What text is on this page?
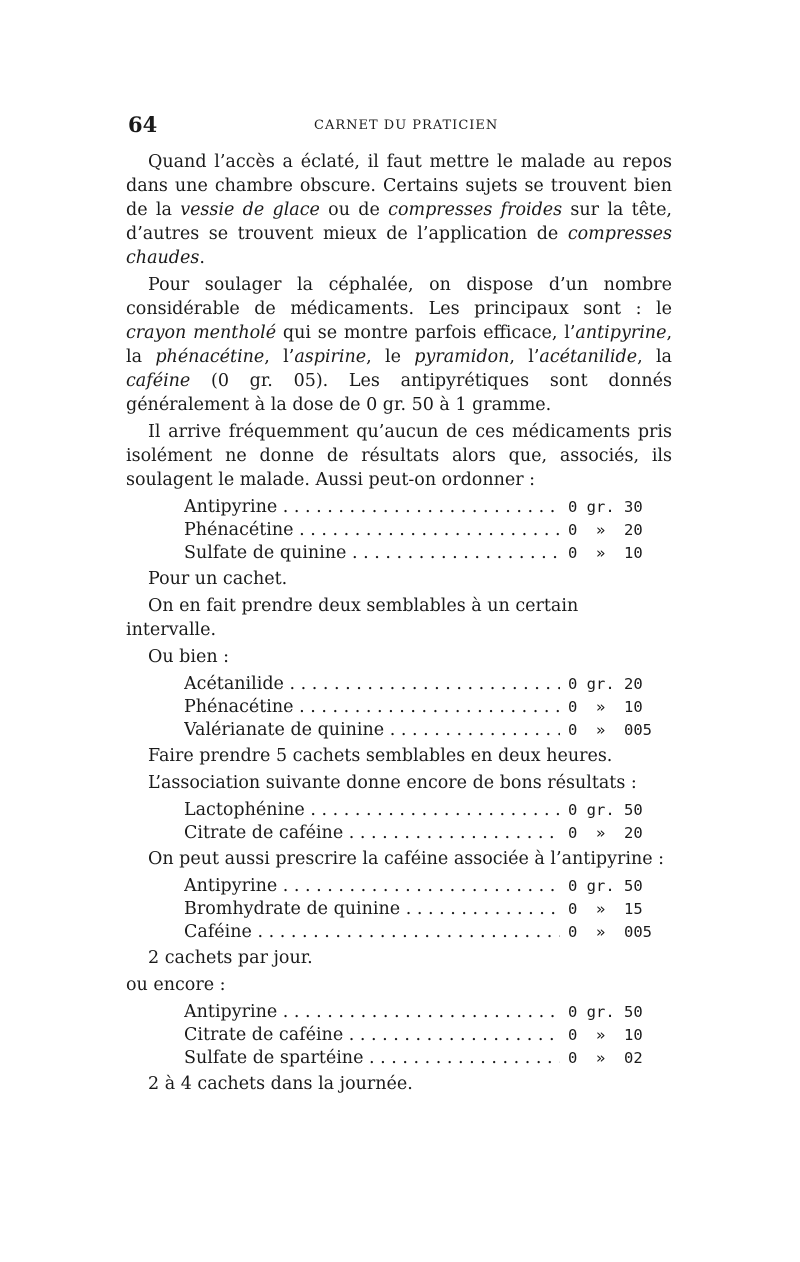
64	CARNET DU PRATICIEN

Quand l’accès a éclaté, il faut mettre le malade au repos dans une chambre obscure. Certains sujets se trouvent bien de la vessie de glace ou de compresses froides sur la tête, d’autres se trouvent mieux de l’application de compresses chaudes.

Pour soulager la céphalée, on dispose d’un nombre considérable de médicaments. Les principaux sont : le crayon mentholé qui se montre parfois efficace, l’antipyrine, la phénacétine, l’aspirine, le pyramidon, l’acétanilide, la caféine (0 gr. 05). Les antipyrétiques sont donnés généralement à la dose de 0 gr. 50 à 1 gramme.

Il arrive fréquemment qu’aucun de ces médicaments pris isolément ne donne de résultats alors que, associés, ils soulagent le malade. Aussi peut-on ordonner :

Antipyrine . . .	0 gr. 30
Phénacétine . . .	0  »  20
Sulfate de quinine . . .	0  »  10

Pour un cachet.

On en fait prendre deux semblables à un certain intervalle.

Ou bien :

Acétanilide . . .	0 gr. 20
Phénacétine . . .	0  »  10
Valérianate de quinine . . .	0  »  005

Faire prendre 5 cachets semblables en deux heures.

L’association suivante donne encore de bons résultats :

Lactophénine . . .	0 gr. 50
Citrate de caféine . . .	0  »  20

On peut aussi prescrire la caféine associée à l’antipyrine :

Antipyrine . . .	0 gr. 50
Bromhydrate de quinine . . .	0  »  15
Caféine . . .	0  »  005

2 cachets par jour.

ou encore :

Antipyrine . . .	0 gr. 50
Citrate de caféine . . .	0  »  10
Sulfate de spartéine . . .	0  »  02

2 à 4 cachets dans la journée.
